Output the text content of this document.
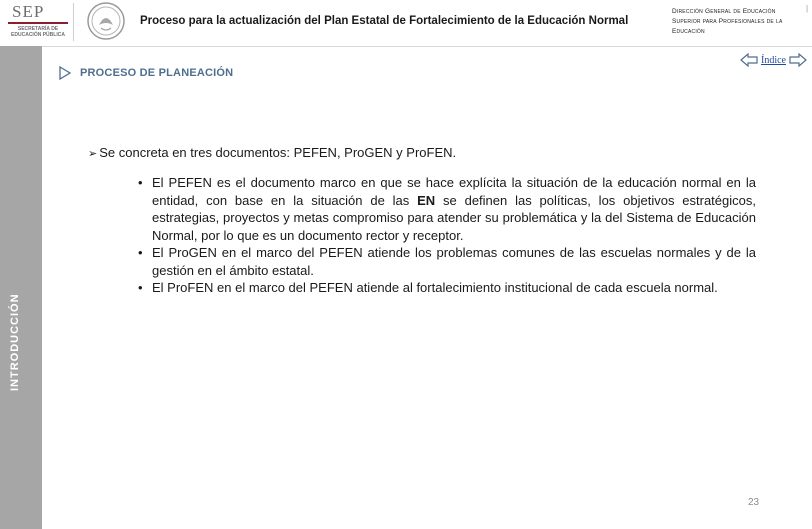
SEP
SECRETARÍA DE EDUCACIÓN PÚBLICA
Proceso para la actualización del Plan Estatal de Fortalecimiento de la Educación Normal
Dirección General de Educación Superior para Profesionales de la Educación
|
INTRODUCCIÓN
PROCESO DE PLANEACIÓN
Índice

➢ Se concreta en tres documentos: PEFEN, ProGEN y ProFEN.

• El PEFEN es el documento marco en que se hace explícita la situación de la educación normal en la entidad, con base en la situación de las EN se definen las políticas, los objetivos estratégicos, estrategias, proyectos y metas compromiso para atender su problemática y la del Sistema de Educación Normal, por lo que es un documento rector y receptor.
• El ProGEN en el marco del PEFEN atiende los problemas comunes de las escuelas normales y de la gestión en el ámbito estatal.
• El ProFEN en el marco del PEFEN atiende al fortalecimiento institucional de cada escuela normal.
23
